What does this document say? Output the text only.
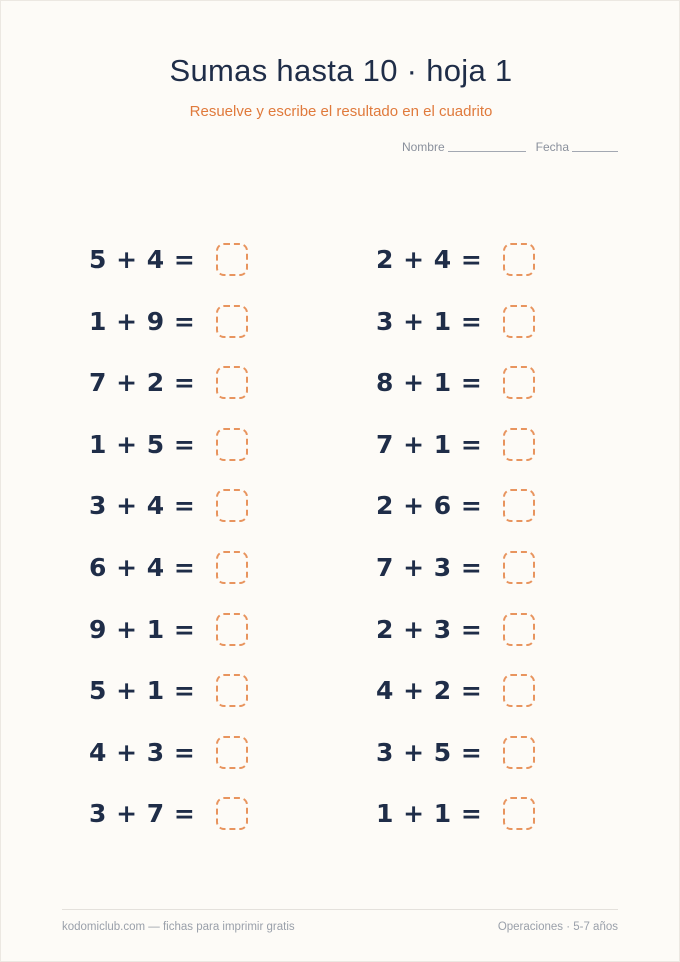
Sumas hasta 10 · hoja 1
Resuelve y escribe el resultado en el cuadrito
Nombre	Fecha
5 + 4 =
1 + 9 =
7 + 2 =
1 + 5 =
3 + 4 =
6 + 4 =
9 + 1 =
5 + 1 =
4 + 3 =
3 + 7 =
2 + 4 =
3 + 1 =
8 + 1 =
7 + 1 =
2 + 6 =
7 + 3 =
2 + 3 =
4 + 2 =
3 + 5 =
1 + 1 =
kodomiclub.com — fichas para imprimir gratis	Operaciones · 5-7 años
